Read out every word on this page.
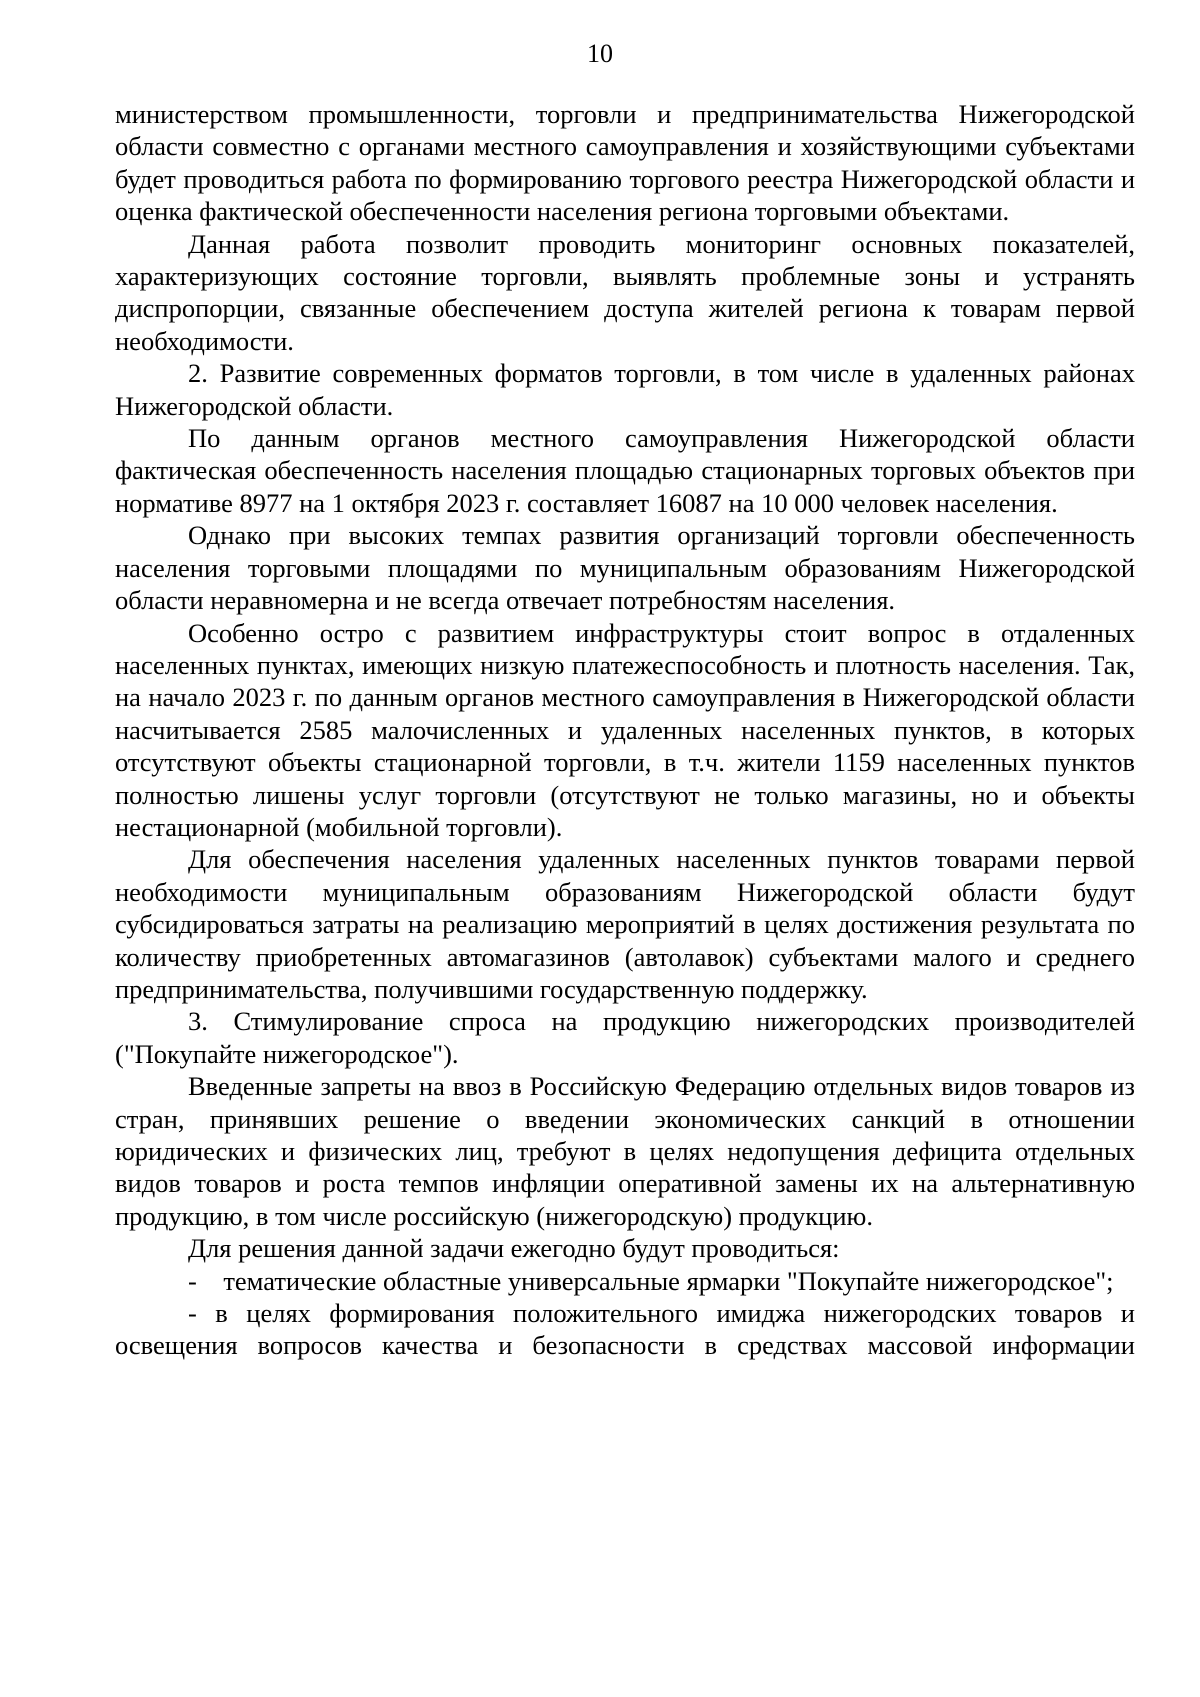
10

министерством промышленности, торговли и предпринимательства Нижегородской области совместно с органами местного самоуправления и хозяйствующими субъектами будет проводиться работа по формированию торгового реестра Нижегородской области и оценка фактической обеспеченности населения региона торговыми объектами.

Данная работа позволит проводить мониторинг основных показателей, характеризующих состояние торговли, выявлять проблемные зоны и устранять диспропорции, связанные обеспечением доступа жителей региона к товарам первой необходимости.

2. Развитие современных форматов торговли, в том числе в удаленных районах Нижегородской области.

По данным органов местного самоуправления Нижегородской области фактическая обеспеченность населения площадью стационарных торговых объектов при нормативе 8977 на 1 октября 2023 г. составляет 16087 на 10 000 человек населения.

Однако при высоких темпах развития организаций торговли обеспеченность населения торговыми площадями по муниципальным образованиям Нижегородской области неравномерна и не всегда отвечает потребностям населения.

Особенно остро с развитием инфраструктуры стоит вопрос в отдаленных населенных пунктах, имеющих низкую платежеспособность и плотность населения. Так, на начало 2023 г. по данным органов местного самоуправления в Нижегородской области насчитывается 2585 малочисленных и удаленных населенных пунктов, в которых отсутствуют объекты стационарной торговли, в т.ч. жители 1159 населенных пунктов полностью лишены услуг торговли (отсутствуют не только магазины, но и объекты нестационарной (мобильной торговли).

Для обеспечения населения удаленных населенных пунктов товарами первой необходимости муниципальным образованиям Нижегородской области будут субсидироваться затраты на реализацию мероприятий в целях достижения результата по количеству приобретенных автомагазинов (автолавок) субъектами малого и среднего предпринимательства, получившими государственную поддержку.

3. Стимулирование спроса на продукцию нижегородских производителей ("Покупайте нижегородское").

Введенные запреты на ввоз в Российскую Федерацию отдельных видов товаров из стран, принявших решение о введении экономических санкций в отношении юридических и физических лиц, требуют в целях недопущения дефицита отдельных видов товаров и роста темпов инфляции оперативной замены их на альтернативную продукцию, в том числе российскую (нижегородскую) продукцию.

Для решения данной задачи ежегодно будут проводиться:

-    тематические областные универсальные ярмарки "Покупайте нижегородское";

- в целях формирования положительного имиджа нижегородских товаров и освещения вопросов качества и безопасности в средствах массовой информации
